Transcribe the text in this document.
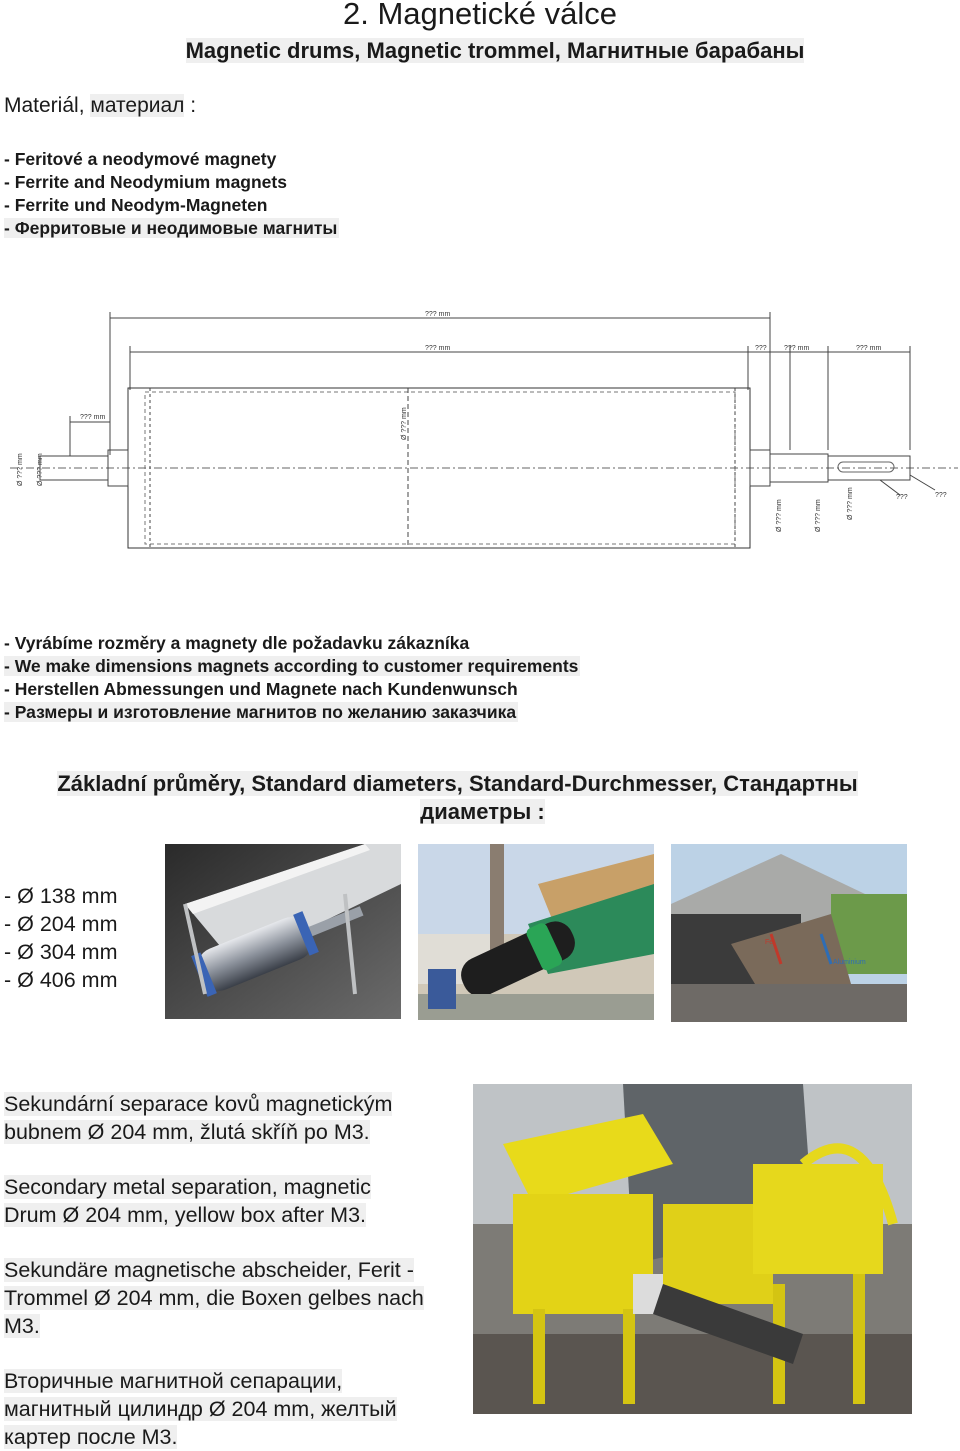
2. Magnetické válce
Magnetic drums, Magnetic trommel, Магнитные барабаны
Materiál, материал :
- Feritové a neodymové magnety
- Ferrite and Neodymium magnets
- Ferrite und Neodym-Magneten
- Ферритовые и неодимовые магниты
??? mm
??? mm	??? ??? mm	??? mm
??? mm
???	???
Ø ??? mm
Ø ??? mm Ø ??? mm
Ø ??? mm	Ø ??? mm	Ø ??? mm
- Vyrábíme rozměry a magnety dle požadavku zákazníka
- We make dimensions magnets according to customer requirements
- Herstellen Abmessungen und Magnete nach Kundenwunsch
- Размеры и изготовление магнитов по желанию заказчика
Základní průměry, Standard diameters, Standard-Durchmesser, Стандартны
диаметры :
- Ø 138 mm
- Ø 204 mm
- Ø 304 mm
- Ø 406 mm
Fe
Aluminium
Sekundární separace kovů magnetickým bubnem Ø 204 mm, žlutá skříň po M3.
Secondary metal separation, magnetic Drum Ø 204 mm, yellow box after M3.
Sekundäre magnetische abscheider, Ferit -Trommel Ø 204 mm, die Boxen gelbes nach M3.
Вторичные магнитной сепарации, магнитный цилиндр Ø 204 mm, желтый картер после M3.
